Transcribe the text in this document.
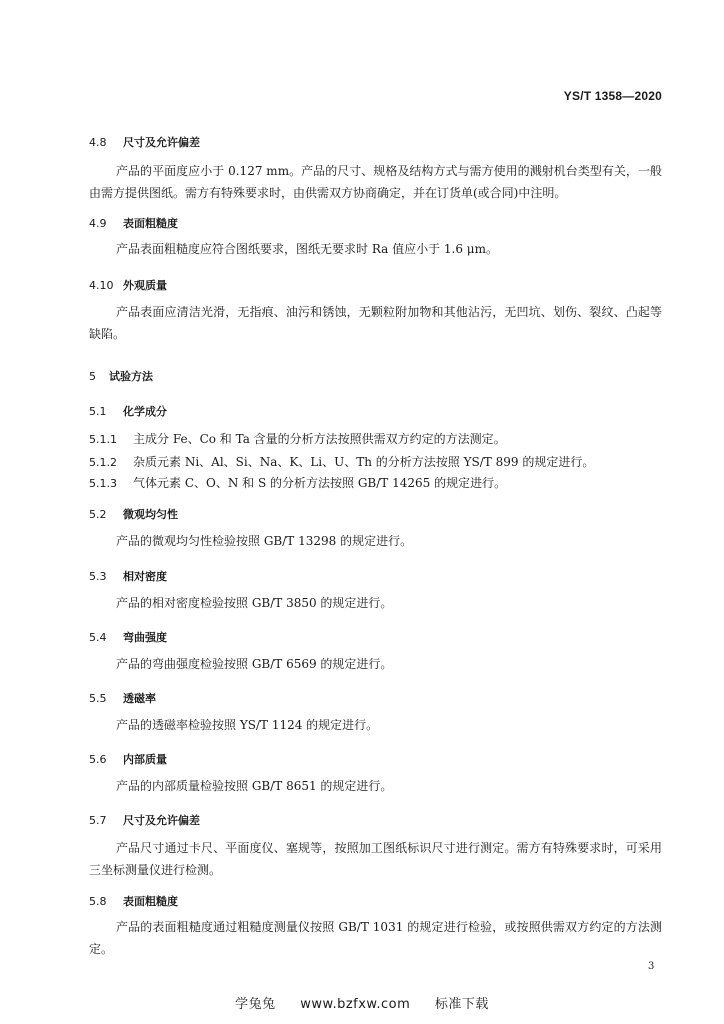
YS/T 1358—2020
4.8 尺寸及允许偏差
产品的平面度应小于 0.127 mm。产品的尺寸、规格及结构方式与需方使用的溅射机台类型有关，一般由需方提供图纸。需方有特殊要求时，由供需双方协商确定，并在订货单(或合同)中注明。
4.9 表面粗糙度
产品表面粗糙度应符合图纸要求，图纸无要求时 Ra 值应小于 1.6 μm。
4.10 外观质量
产品表面应清洁光滑，无指痕、油污和锈蚀，无颗粒附加物和其他沾污，无凹坑、划伤、裂纹、凸起等缺陷。
5 试验方法
5.1 化学成分
5.1.1 主成分 Fe、Co 和 Ta 含量的分析方法按照供需双方约定的方法测定。
5.1.2 杂质元素 Ni、Al、Si、Na、K、Li、U、Th 的分析方法按照 YS/T 899 的规定进行。
5.1.3 气体元素 C、O、N 和 S 的分析方法按照 GB/T 14265 的规定进行。
5.2 微观均匀性
产品的微观均匀性检验按照 GB/T 13298 的规定进行。
5.3 相对密度
产品的相对密度检验按照 GB/T 3850 的规定进行。
5.4 弯曲强度
产品的弯曲强度检验按照 GB/T 6569 的规定进行。
5.5 透磁率
产品的透磁率检验按照 YS/T 1124 的规定进行。
5.6 内部质量
产品的内部质量检验按照 GB/T 8651 的规定进行。
5.7 尺寸及允许偏差
产品尺寸通过卡尺、平面度仪、塞规等，按照加工图纸标识尺寸进行测定。需方有特殊要求时，可采用三坐标测量仪进行检测。
5.8 表面粗糙度
产品的表面粗糙度通过粗糙度测量仪按照 GB/T 1031 的规定进行检验，或按照供需双方约定的方法测定。
3
学兔兔 www.bzfxw.com 标准下载
